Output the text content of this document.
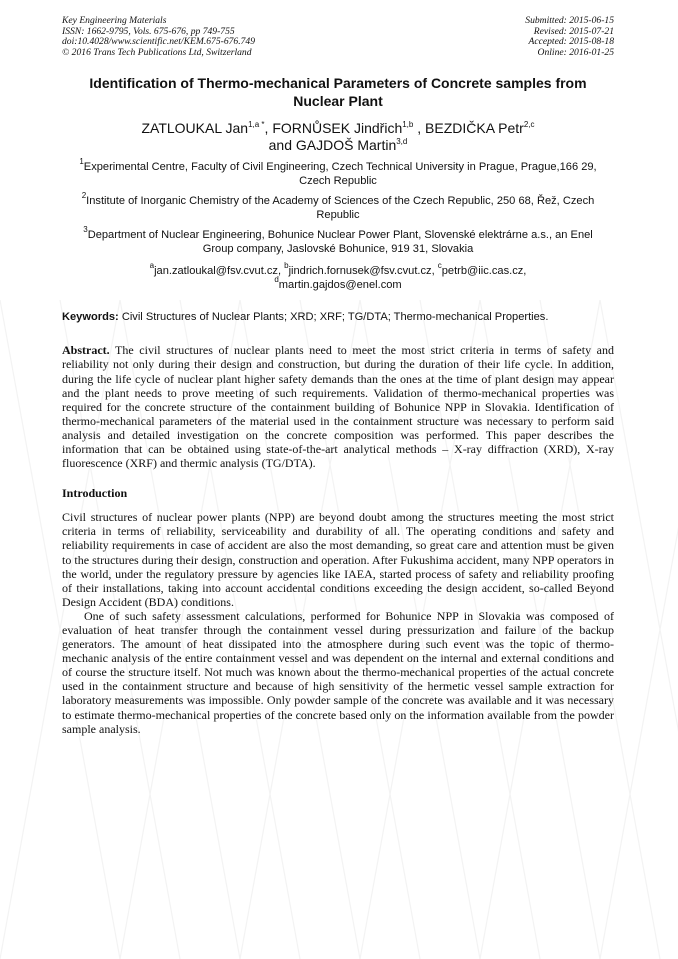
Key Engineering Materials
ISSN: 1662-9795, Vols. 675-676, pp 749-755
doi:10.4028/www.scientific.net/KEM.675-676.749
© 2016 Trans Tech Publications Ltd, Switzerland
Submitted: 2015-06-15
Revised: 2015-07-21
Accepted: 2015-08-18
Online: 2016-01-25
Identification of Thermo-mechanical Parameters of Concrete samples from Nuclear Plant
ZATLOUKAL Jan$^{1,a}$ *, FORNŮSEK Jindřich$^{1,b}$ , BEZDIČKA Petr$^{2,c}$
and GAJDOŠ Martin$^{3,d}$
$^1$Experimental Centre, Faculty of Civil Engineering, Czech Technical University in Prague, Prague,166 29, Czech Republic
$^2$Institute of Inorganic Chemistry of the Academy of Sciences of the Czech Republic, 250 68, Řež, Czech Republic
$^3$Department of Nuclear Engineering, Bohunice Nuclear Power Plant, Slovenské elektrárne a.s., an Enel Group company, Jaslovské Bohunice, 919 31, Slovakia
$^a$jan.zatloukal@fsv.cvut.cz, $^b$jindrich.fornusek@fsv.cvut.cz, $^c$petrb@iic.cas.cz,
$^d$martin.gajdos@enel.com
Keywords: Civil Structures of Nuclear Plants; XRD; XRF; TG/DTA; Thermo-mechanical Properties.
Abstract. The civil structures of nuclear plants need to meet the most strict criteria in terms of safety and reliability not only during their design and construction, but during the duration of their life cycle. In addition, during the life cycle of nuclear plant higher safety demands than the ones at the time of plant design may appear and the plant needs to prove meeting of such requirements. Validation of thermo-mechanical properties was required for the concrete structure of the containment building of Bohunice NPP in Slovakia. Identification of thermo-mechanical parameters of the material used in the containment structure was necessary to perform said analysis and detailed investigation on the concrete composition was performed. This paper describes the information that can be obtained using state-of-the-art analytical methods – X-ray diffraction (XRD), X-ray fluorescence (XRF) and thermic analysis (TG/DTA).
Introduction
Civil structures of nuclear power plants (NPP) are beyond doubt among the structures meeting the most strict criteria in terms of reliability, serviceability and durability of all. The operating conditions and safety and reliability requirements in case of accident are also the most demanding, so great care and attention must be given to the structures during their design, construction and operation. After Fukushima accident, many NPP operators in the world, under the regulatory pressure by agencies like IAEA, started process of safety and reliability proofing of their installations, taking into account accidental conditions exceeding the design accident, so-called Beyond Design Accident (BDA) conditions.
One of such safety assessment calculations, performed for Bohunice NPP in Slovakia was composed of evaluation of heat transfer through the containment vessel during pressurization and failure of the backup generators. The amount of heat dissipated into the atmosphere during such event was the topic of thermo-mechanic analysis of the entire containment vessel and was dependent on the internal and external conditions and of course the structure itself. Not much was known about the thermo-mechanical properties of the actual concrete used in the containment structure and because of high sensitivity of the hermetic vessel sample extraction for laboratory measurements was impossible. Only powder sample of the concrete was available and it was necessary to estimate thermo-mechanical properties of the concrete based only on the information available from the powder sample analysis.
